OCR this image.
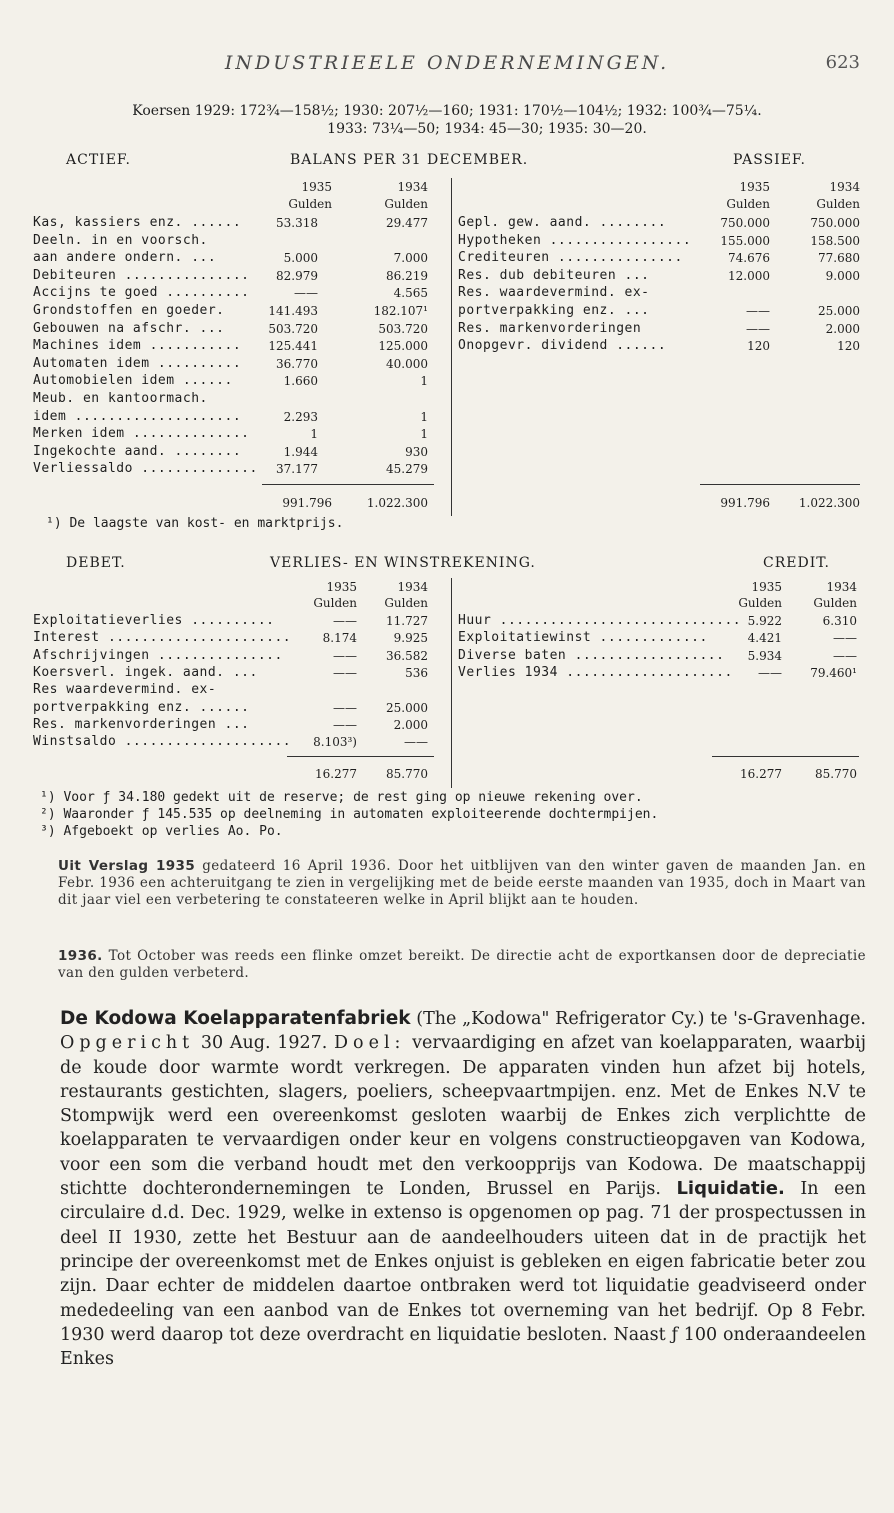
INDUSTRIEELE ONDERNEMINGEN.	623
Koersen 1929: 172¾—158½; 1930: 207½—160; 1931: 170½—104½; 1932: 100¾—75¼.
1933: 73¼—50; 1934: 45—30; 1935: 30—20.
ACTIEF.	BALANS PER 31 DECEMBER.	PASSIEF.
1935	1934
Gulden	Gulden
1935	1934
Gulden	Gulden
Kas, kassiers enz. ......	53.318	29.477
Deeln. in en voorsch.
aan andere ondern. ...	5.000	7.000
Debiteuren ...............	82.979	86.219
Accijns te goed ..........	——	4.565
Grondstoffen en goeder.	141.493	182.107¹
Gebouwen na afschr. ...	503.720	503.720
Machines idem ...........	125.441	125.000
Automaten idem ..........	36.770	40.000
Automobielen idem ......	1.660	1
Meub. en kantoormach.
idem ....................	2.293	1
Merken idem ..............	1	1
Ingekochte aand. ........	1.944	930
Verliessaldo ..............	37.177	45.279
Gepl. gew. aand. ........	750.000	750.000
Hypotheken .................	155.000	158.500
Crediteuren ...............	74.676	77.680
Res. dub debiteuren ...	12.000	9.000
Res. waardevermind. ex-
portverpakking enz. ...	——	25.000
Res. markenvorderingen	——	2.000
Onopgevr. dividend ......	120	120
991.796	1.022.300	991.796	1.022.300
¹) De laagste van kost- en marktprijs.
DEBET.	VERLIES- EN WINSTREKENING.	CREDIT.
1935	1934
Gulden	Gulden
1935	1934
Gulden	Gulden
Exploitatieverlies ..........	——	11.727
Interest ......................	8.174	9.925
Afschrijvingen ...............	——	36.582
Koersverl. ingek. aand. ...	——	536
Res waardevermind. ex-
portverpakking enz. ......	——	25.000
Res. markenvorderingen ...	——	2.000
Winstsaldo ....................	8.103³)	——
Huur ............................. 5.922	6.310
Exploitatiewinst .............	4.421	——
Diverse baten ..................	5.934	——
Verlies 1934 ....................	——	79.460¹
16.277	85.770	16.277	85.770
¹) Voor ƒ 34.180 gedekt uit de reserve; de rest ging op nieuwe rekening over.
²) Waaronder ƒ 145.535 op deelneming in automaten exploiteerende dochtermpijen.
³) Afgeboekt op verlies Ao. Po.
Uit Verslag 1935 gedateerd 16 April 1936. Door het uitblijven van den winter gaven de maanden Jan. en Febr. 1936 een achteruitgang te zien in vergelijking met de beide eerste maanden van 1935, doch in Maart van dit jaar viel een verbetering te constateeren welke in April blijkt aan te houden.
1936. Tot October was reeds een flinke omzet bereikt. De directie acht de exportkansen door de depreciatie van den gulden verbeterd.
De Kodowa Koelapparatenfabriek (The „Kodowa" Refrigerator Cy.) te 's-Gravenhage. Opgericht 30 Aug. 1927. Doel: vervaardiging en afzet van koelapparaten, waarbij de koude door warmte wordt verkregen. De apparaten vinden hun afzet bij hotels, restaurants gestichten, slagers, poeliers, scheepvaartmpijen. enz. Met de Enkes N.V te Stompwijk werd een overeenkomst gesloten waarbij de Enkes zich verplichtte de koelapparaten te vervaardigen onder keur en volgens constructieopgaven van Kodowa, voor een som die verband houdt met den verkoopprijs van Kodowa. De maatschappij stichtte dochterondernemingen te Londen, Brussel en Parijs. Liquidatie. In een circulaire d.d. Dec. 1929, welke in extenso is opgenomen op pag. 71 der prospectussen in deel II 1930, zette het Bestuur aan de aandeelhouders uiteen dat in de practijk het principe der overeenkomst met de Enkes onjuist is gebleken en eigen fabricatie beter zou zijn. Daar echter de middelen daartoe ontbraken werd tot liquidatie geadviseerd onder mededeeling van een aanbod van de Enkes tot overneming van het bedrijf. Op 8 Febr. 1930 werd daarop tot deze overdracht en liquidatie besloten. Naast ƒ 100 onderaandeelen Enkes
